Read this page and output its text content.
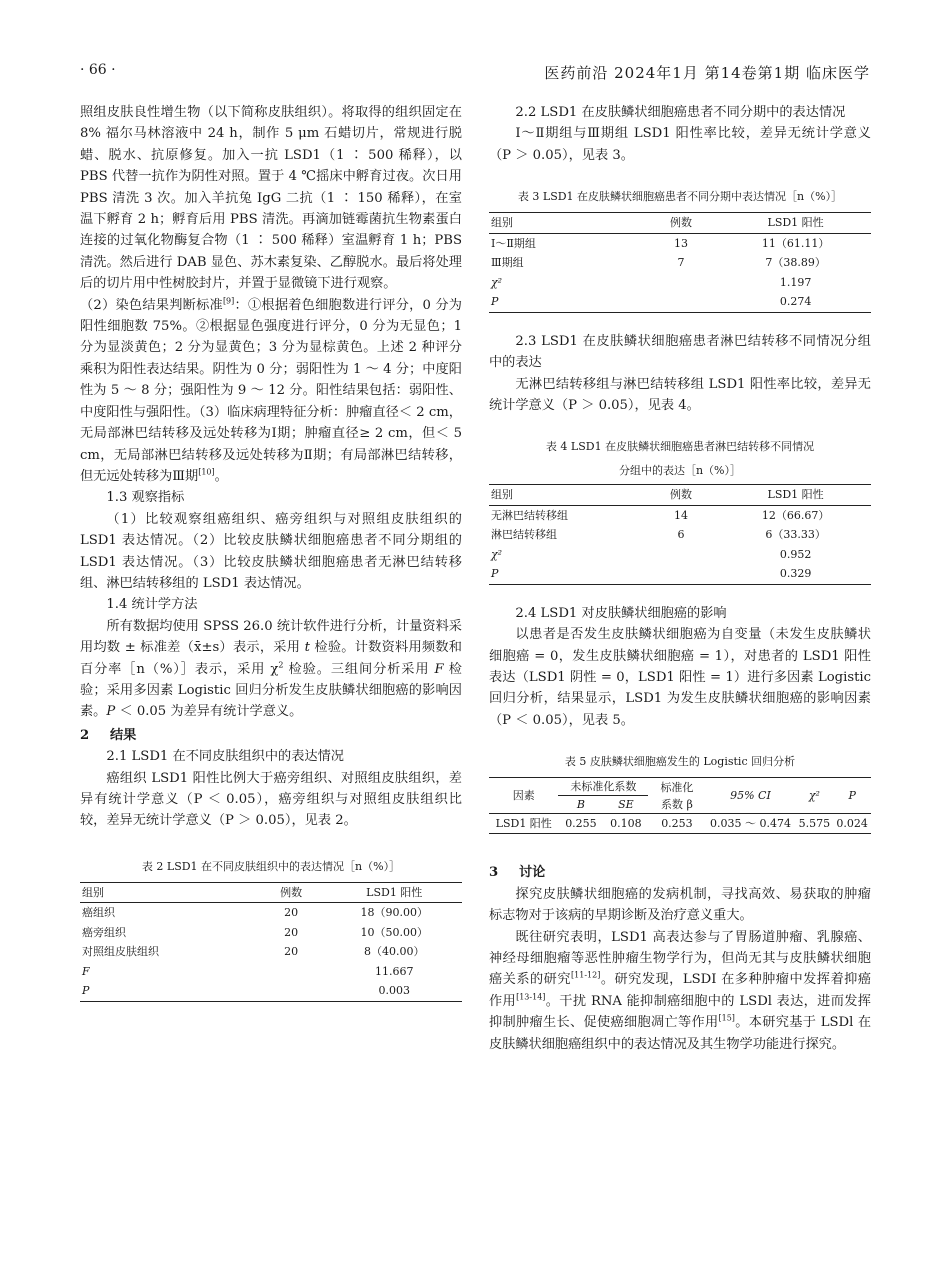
· 66 ·	医药前沿 2024年1月 第14卷第1期 临床医学

照组皮肤良性增生物（以下简称皮肤组织）。将取得的组织固定在 8% 福尔马林溶液中 24 h，制作 5 μm 石蜡切片，常规进行脱蜡、脱水、抗原修复。加入一抗 LSD1（1 ∶ 500 稀释），以 PBS 代替一抗作为阴性对照。置于 4 ℃摇床中孵育过夜。次日用 PBS 清洗 3 次。加入羊抗兔 IgG 二抗（1 ∶ 150 稀释），在室温下孵育 2 h；孵育后用 PBS 清洗。再滴加链霉菌抗生物素蛋白连接的过氧化物酶复合物（1 ∶ 500 稀释）室温孵育 1 h；PBS 清洗。然后进行 DAB 显色、苏木素复染、乙醇脱水。最后将处理后的切片用中性树胶封片，并置于显微镜下进行观察。

（2）染色结果判断标准[9]：①根据着色细胞数进行评分，0 分为阳性细胞数 75%。②根据显色强度进行评分，0 分为无显色；1 分为显淡黄色；2 分为显黄色；3 分为显棕黄色。上述 2 种评分乘积为阳性表达结果。阴性为 0 分；弱阳性为 1 ～ 4 分；中度阳性为 5 ～ 8 分；强阳性为 9 ～ 12 分。阳性结果包括：弱阳性、中度阳性与强阳性。（3）临床病理特征分析：肿瘤直径＜ 2 cm，无局部淋巴结转移及远处转移为Ⅰ期；肿瘤直径≥ 2 cm，但＜ 5 cm，无局部淋巴结转移及远处转移为Ⅱ期；有局部淋巴结转移，但无远处转移为Ⅲ期[10]。

1.3 观察指标

（1）比较观察组癌组织、癌旁组织与对照组皮肤组织的 LSD1 表达情况。（2）比较皮肤鳞状细胞癌患者不同分期组的 LSD1 表达情况。（3）比较皮肤鳞状细胞癌患者无淋巴结转移组、淋巴结转移组的 LSD1 表达情况。

1.4 统计学方法

所有数据均使用 SPSS 26.0 统计软件进行分析，计量资料采用均数 ± 标准差（x̄±s）表示，采用 t 检验。计数资料用频数和百分率［n（%）］表示，采用 $\chi^2$ 检验。三组间分析采用 F 检验；采用多因素 Logistic 回归分析发生皮肤鳞状细胞癌的影响因素。P ＜ 0.05 为差异有统计学意义。

2 结果

2.1 LSD1 在不同皮肤组织中的表达情况

癌组织 LSD1 阳性比例大于癌旁组织、对照组皮肤组织，差异有统计学意义（P ＜ 0.05），癌旁组织与对照组皮肤组织比较，差异无统计学意义（P ＞ 0.05），见表 2。

表 2 LSD1 在不同皮肤组织中的表达情况［n（%）］
组别	例数	LSD1 阳性
癌组织	20	18（90.00）
癌旁组织	20	10（50.00）
对照组皮肤组织	20	8（40.00）
F		11.667
P		0.003

2.2 LSD1 在皮肤鳞状细胞癌患者不同分期中的表达情况

Ⅰ～Ⅱ期组与Ⅲ期组 LSD1 阳性率比较，差异无统计学意义（P ＞ 0.05），见表 3。

表 3 LSD1 在皮肤鳞状细胞癌患者不同分期中表达情况［n（%）］
组别	例数	LSD1 阳性
Ⅰ～Ⅱ期组	13	11（61.11）
Ⅲ期组	7	7（38.89）
χ²		1.197
P		0.274

2.3 LSD1 在皮肤鳞状细胞癌患者淋巴结转移不同情况分组中的表达

无淋巴结转移组与淋巴结转移组 LSD1 阳性率比较，差异无统计学意义（P ＞ 0.05），见表 4。

表 4 LSD1 在皮肤鳞状细胞癌患者淋巴结转移不同情况
分组中的表达［n（%）］
组别	例数	LSD1 阳性
无淋巴结转移组	14	12（66.67）
淋巴结转移组	6	6（33.33）
χ²		0.952
P		0.329

2.4 LSD1 对皮肤鳞状细胞癌的影响

以患者是否发生皮肤鳞状细胞癌为自变量（未发生皮肤鳞状细胞癌 = 0，发生皮肤鳞状细胞癌 = 1），对患者的 LSD1 阳性表达（LSD1 阴性 = 0，LSD1 阳性 = 1）进行多因素 Logistic 回归分析，结果显示，LSD1 为发生皮肤鳞状细胞癌的影响因素（P ＜ 0.05），见表 5。

表 5 皮肤鳞状细胞癌发生的 Logistic 回归分析
因素	未标准化系数		标准化	95% CI	χ²	P
	B	SE	系数 β			
LSD1 阳性	0.255	0.108	0.253	0.035 ～ 0.474	5.575	0.024

3 讨论

探究皮肤鳞状细胞癌的发病机制，寻找高效、易获取的肿瘤标志物对于该病的早期诊断及治疗意义重大。

既往研究表明，LSD1 高表达参与了胃肠道肿瘤、乳腺癌、神经母细胞瘤等恶性肿瘤生物学行为，但尚无其与皮肤鳞状细胞癌关系的研究[11-12]。研究发现，LSDI 在多种肿瘤中发挥着抑癌作用[13-14]。干扰 RNA 能抑制癌细胞中的 LSDl 表达，进而发挥抑制肿瘤生长、促使癌细胞凋亡等作用[15]。本研究基于 LSDl 在皮肤鳞状细胞癌组织中的表达情况及其生物学功能进行探究。
